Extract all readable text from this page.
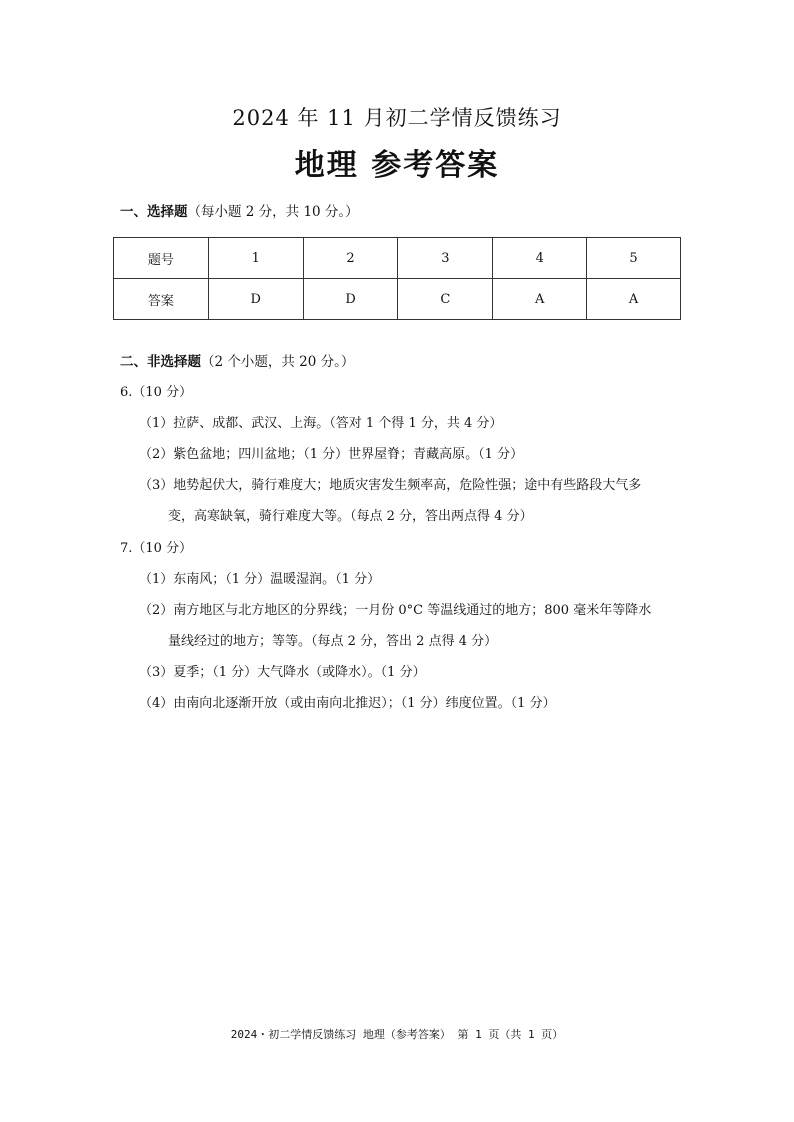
2024 年 11 月初二学情反馈练习
地理 参考答案
一、选择题（每小题 2 分，共 10 分。）
题号	1	2	3	4	5
答案	D	D	C	A	A
二、非选择题（2 个小题，共 20 分。）
6.（10 分）
（1）拉萨、成都、武汉、上海。（答对 1 个得 1 分，共 4 分）
（2）紫色盆地；四川盆地；（1 分）世界屋脊；青藏高原。（1 分）
（3）地势起伏大，骑行难度大；地质灾害发生频率高，危险性强；途中有些路段大气多
变，高寒缺氧，骑行难度大等。（每点 2 分，答出两点得 4 分）
7.（10 分）
（1）东南风；（1 分）温暖湿润。（1 分）
（2）南方地区与北方地区的分界线；一月份 0°C 等温线通过的地方；800 毫米年等降水
量线经过的地方；等等。（每点 2 分，答出 2 点得 4 分）
（3）夏季；（1 分）大气降水（或降水）。（1 分）
（4）由南向北逐渐开放（或由南向北推迟）；（1 分）纬度位置。（1 分）
2024・初二学情反馈练习 地理（参考答案） 第 1 页（共 1 页）
